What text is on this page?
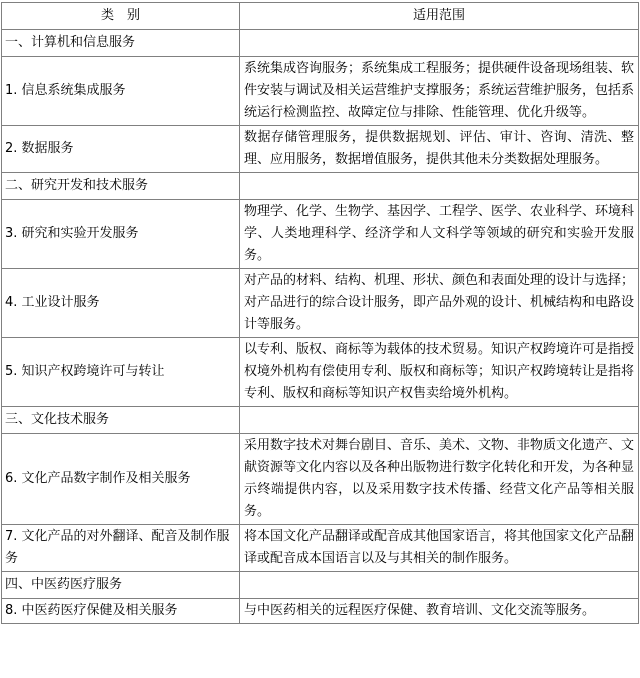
类　别	适用范围
一、计算机和信息服务	
1. 信息系统集成服务	系统集成咨询服务；系统集成工程服务；提供硬件设备现场组装、软件安装与调试及相关运营维护支撑服务；系统运营维护服务，包括系统运行检测监控、故障定位与排除、性能管理、优化升级等。
2. 数据服务	数据存储管理服务，提供数据规划、评估、审计、咨询、清洗、整理、应用服务，数据增值服务，提供其他未分类数据处理服务。
二、研究开发和技术服务	
3. 研究和实验开发服务	物理学、化学、生物学、基因学、工程学、医学、农业科学、环境科学、人类地理科学、经济学和人文科学等领域的研究和实验开发服务。
4. 工业设计服务	对产品的材料、结构、机理、形状、颜色和表面处理的设计与选择；对产品进行的综合设计服务，即产品外观的设计、机械结构和电路设计等服务。
5. 知识产权跨境许可与转让	以专利、版权、商标等为载体的技术贸易。知识产权跨境许可是指授权境外机构有偿使用专利、版权和商标等；知识产权跨境转让是指将专利、版权和商标等知识产权售卖给境外机构。
三、文化技术服务	
6. 文化产品数字制作及相关服务	采用数字技术对舞台剧目、音乐、美术、文物、非物质文化遗产、文献资源等文化内容以及各种出版物进行数字化转化和开发，为各种显示终端提供内容，以及采用数字技术传播、经营文化产品等相关服务。
7. 文化产品的对外翻译、配音及制作服务	将本国文化产品翻译或配音成其他国家语言，将其他国家文化产品翻译或配音成本国语言以及与其相关的制作服务。
四、中医药医疗服务	
8. 中医药医疗保健及相关服务	与中医药相关的远程医疗保健、教育培训、文化交流等服务。
